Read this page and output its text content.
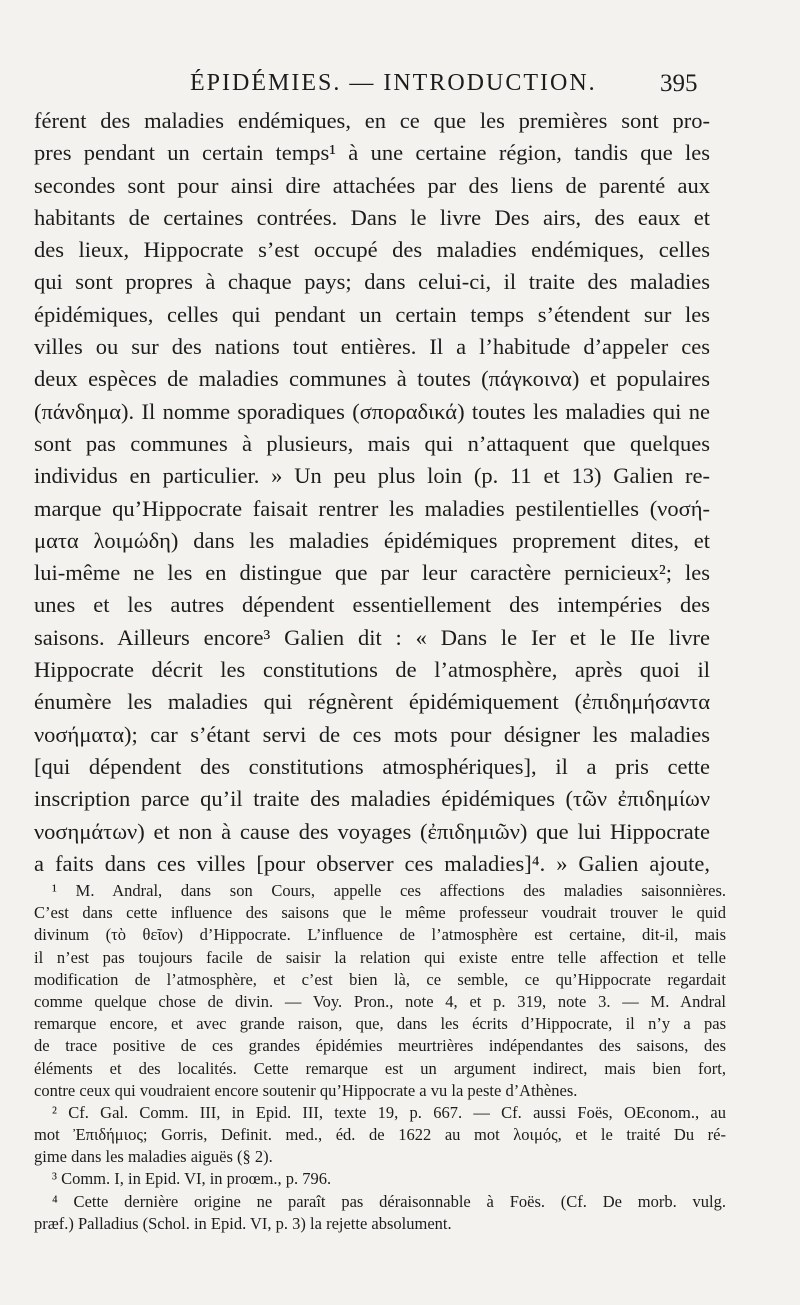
ÉPIDÉMIES. — INTRODUCTION.	395
férent des maladies endémiques, en ce que les premières sont pro-
pres pendant un certain temps¹ à une certaine région, tandis que les
secondes sont pour ainsi dire attachées par des liens de parenté aux
habitants de certaines contrées. Dans le livre Des airs, des eaux et
des lieux, Hippocrate s’est occupé des maladies endémiques, celles
qui sont propres à chaque pays; dans celui-ci, il traite des maladies
épidémiques, celles qui pendant un certain temps s’étendent sur les
villes ou sur des nations tout entières. Il a l’habitude d’appeler ces
deux espèces de maladies communes à toutes (πάγκοινα) et populaires
(πάνδημα). Il nomme sporadiques (σποραδικά) toutes les maladies qui ne
sont pas communes à plusieurs, mais qui n’attaquent que quelques
individus en particulier. » Un peu plus loin (p. 11 et 13) Galien re-
marque qu’Hippocrate faisait rentrer les maladies pestilentielles (νοσή-
ματα λοιμώδη) dans les maladies épidémiques proprement dites, et
lui-même ne les en distingue que par leur caractère pernicieux²; les
unes et les autres dépendent essentiellement des intempéries des
saisons. Ailleurs encore³ Galien dit : « Dans le Ier et le IIe livre
Hippocrate décrit les constitutions de l’atmosphère, après quoi il
énumère les maladies qui régnèrent épidémiquement (ἐπιδημήσαντα
νοσήματα); car s’étant servi de ces mots pour désigner les maladies
[qui dépendent des constitutions atmosphériques], il a pris cette
inscription parce qu’il traite des maladies épidémiques (τῶν ἐπιδημίων
νοσημάτων) et non à cause des voyages (ἐπιδημιῶν) que lui Hippocrate
a faits dans ces villes [pour observer ces maladies]⁴. » Galien ajoute,
¹ M. Andral, dans son Cours, appelle ces affections des maladies saisonnières.
C’est dans cette influence des saisons que le même professeur voudrait trouver le quid
divinum (τὸ θεῖον) d’Hippocrate. L’influence de l’atmosphère est certaine, dit-il, mais
il n’est pas toujours facile de saisir la relation qui existe entre telle affection et telle
modification de l’atmosphère, et c’est bien là, ce semble, ce qu’Hippocrate regardait
comme quelque chose de divin. — Voy. Pron., note 4, et p. 319, note 3. — M. Andral
remarque encore, et avec grande raison, que, dans les écrits d’Hippocrate, il n’y a pas
de trace positive de ces grandes épidémies meurtrières indépendantes des saisons, des
éléments et des localités. Cette remarque est un argument indirect, mais bien fort,
contre ceux qui voudraient encore soutenir qu’Hippocrate a vu la peste d’Athènes.
² Cf. Gal. Comm. III, in Epid. III, texte 19, p. 667. — Cf. aussi Foës, OEconom., au
mot Ἐπιδήμιος; Gorris, Definit. med., éd. de 1622 au mot λοιμός, et le traité Du ré-
gime dans les maladies aiguës (§ 2).
³ Comm. I, in Epid. VI, in proœm., p. 796.
⁴ Cette dernière origine ne paraît pas déraisonnable à Foës. (Cf. De morb. vulg.
præf.) Palladius (Schol. in Epid. VI, p. 3) la rejette absolument.
